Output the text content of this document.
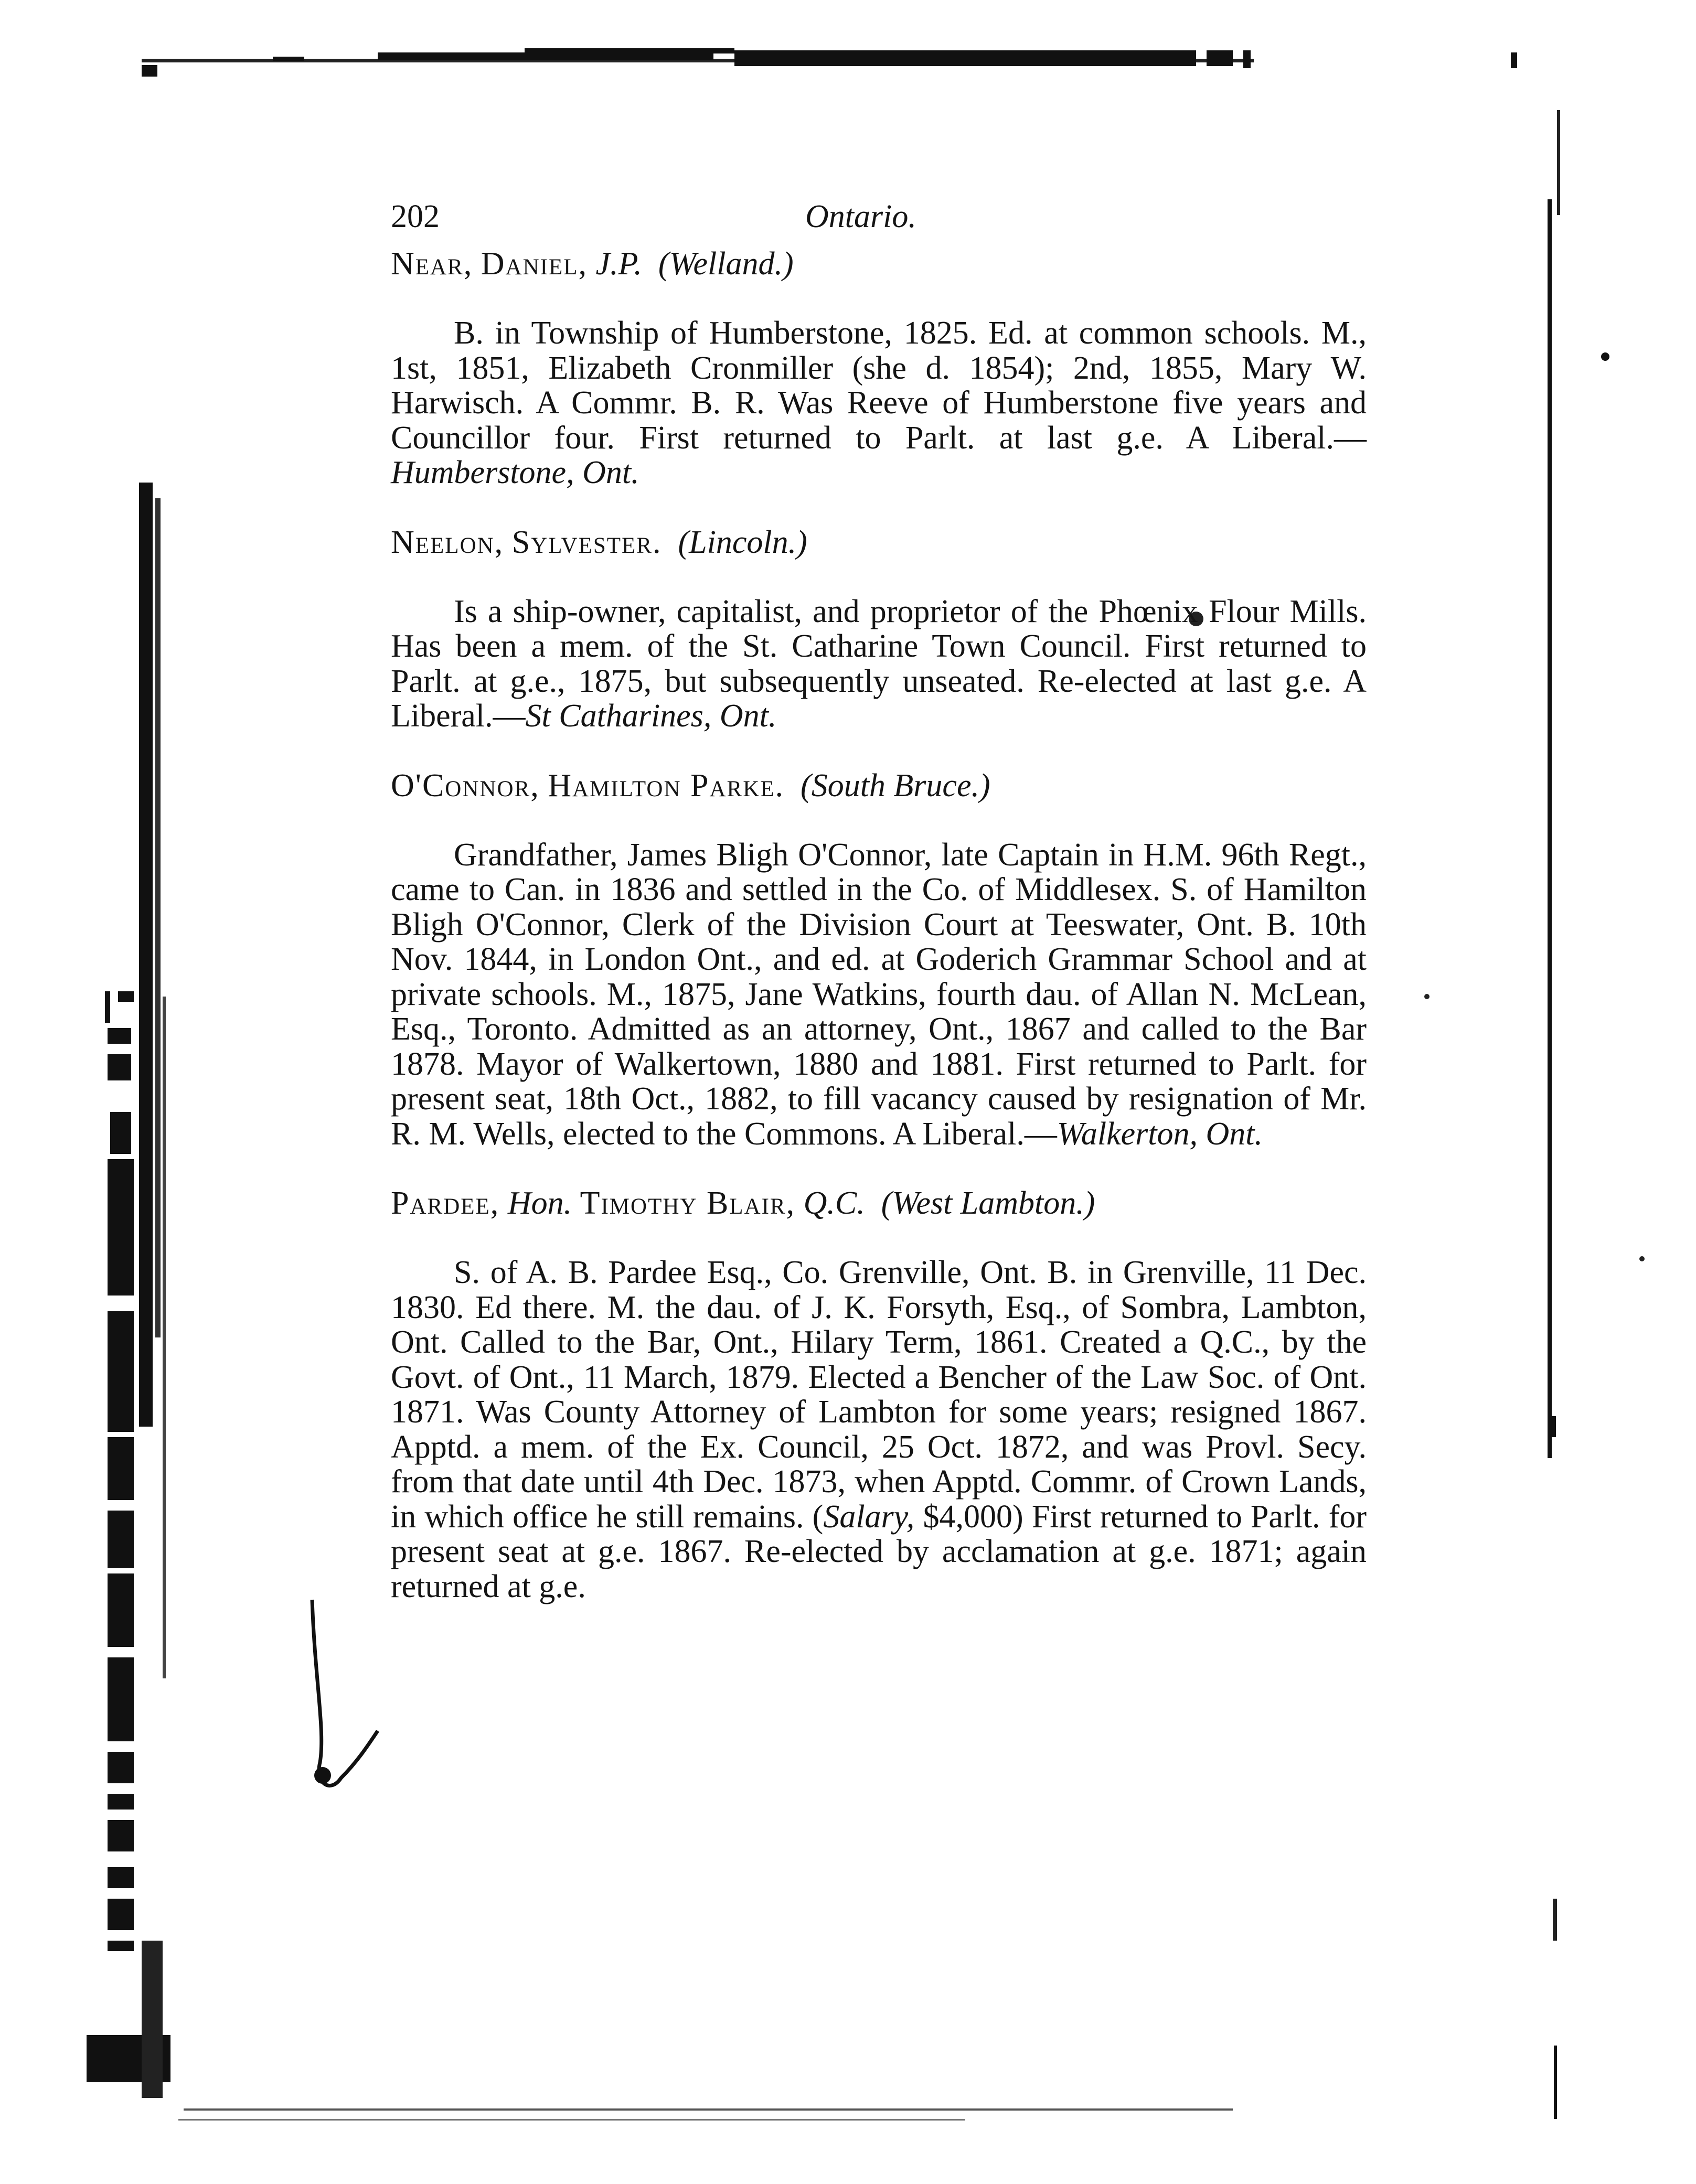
202	Ontario.

Near, Daniel, J.P. (Welland.)

B. in Township of Humberstone, 1825. Ed. at common schools. M., 1st, 1851, Elizabeth Cronmiller (she d. 1854); 2nd, 1855, Mary W. Harwisch. A Commr. B. R. Was Reeve of Humberstone five years and Councillor four. First returned to Parlt. at last g.e. A Liberal.—Humberstone, Ont.

Neelon, Sylvester. (Lincoln.)

Is a ship-owner, capitalist, and proprietor of the Phœnix Flour Mills. Has been a mem. of the St. Catharine Town Council. First returned to Parlt. at g.e., 1875, but subsequently unseated. Re-elected at last g.e. A Liberal.—St Catharines, Ont.

O'Connor, Hamilton Parke. (South Bruce.)

Grandfather, James Bligh O'Connor, late Captain in H.M. 96th Regt., came to Can. in 1836 and settled in the Co. of Middlesex. S. of Hamilton Bligh O'Connor, Clerk of the Division Court at Teeswater, Ont. B. 10th Nov. 1844, in London Ont., and ed. at Goderich Grammar School and at private schools. M., 1875, Jane Watkins, fourth dau. of Allan N. McLean, Esq., Toronto. Admitted as an attorney, Ont., 1867 and called to the Bar 1878. Mayor of Walkertown, 1880 and 1881. First returned to Parlt. for present seat, 18th Oct., 1882, to fill vacancy caused by resignation of Mr. R. M. Wells, elected to the Commons. A Liberal.—Walkerton, Ont.

Pardee, Hon. Timothy Blair, Q.C. (West Lambton.)

S. of A. B. Pardee Esq., Co. Grenville, Ont. B. in Grenville, 11 Dec. 1830. Ed there. M. the dau. of J. K. Forsyth, Esq., of Sombra, Lambton, Ont. Called to the Bar, Ont., Hilary Term, 1861. Created a Q.C., by the Govt. of Ont., 11 March, 1879. Elected a Bencher of the Law Soc. of Ont. 1871. Was County Attorney of Lambton for some years; resigned 1867. Apptd. a mem. of the Ex. Council, 25 Oct. 1872, and was Provl. Secy. from that date until 4th Dec. 1873, when Apptd. Commr. of Crown Lands, in which office he still remains. (Salary, $4,000) First returned to Parlt. for present seat at g.e. 1867. Re-elected by acclamation at g.e. 1871; again returned at g.e.
